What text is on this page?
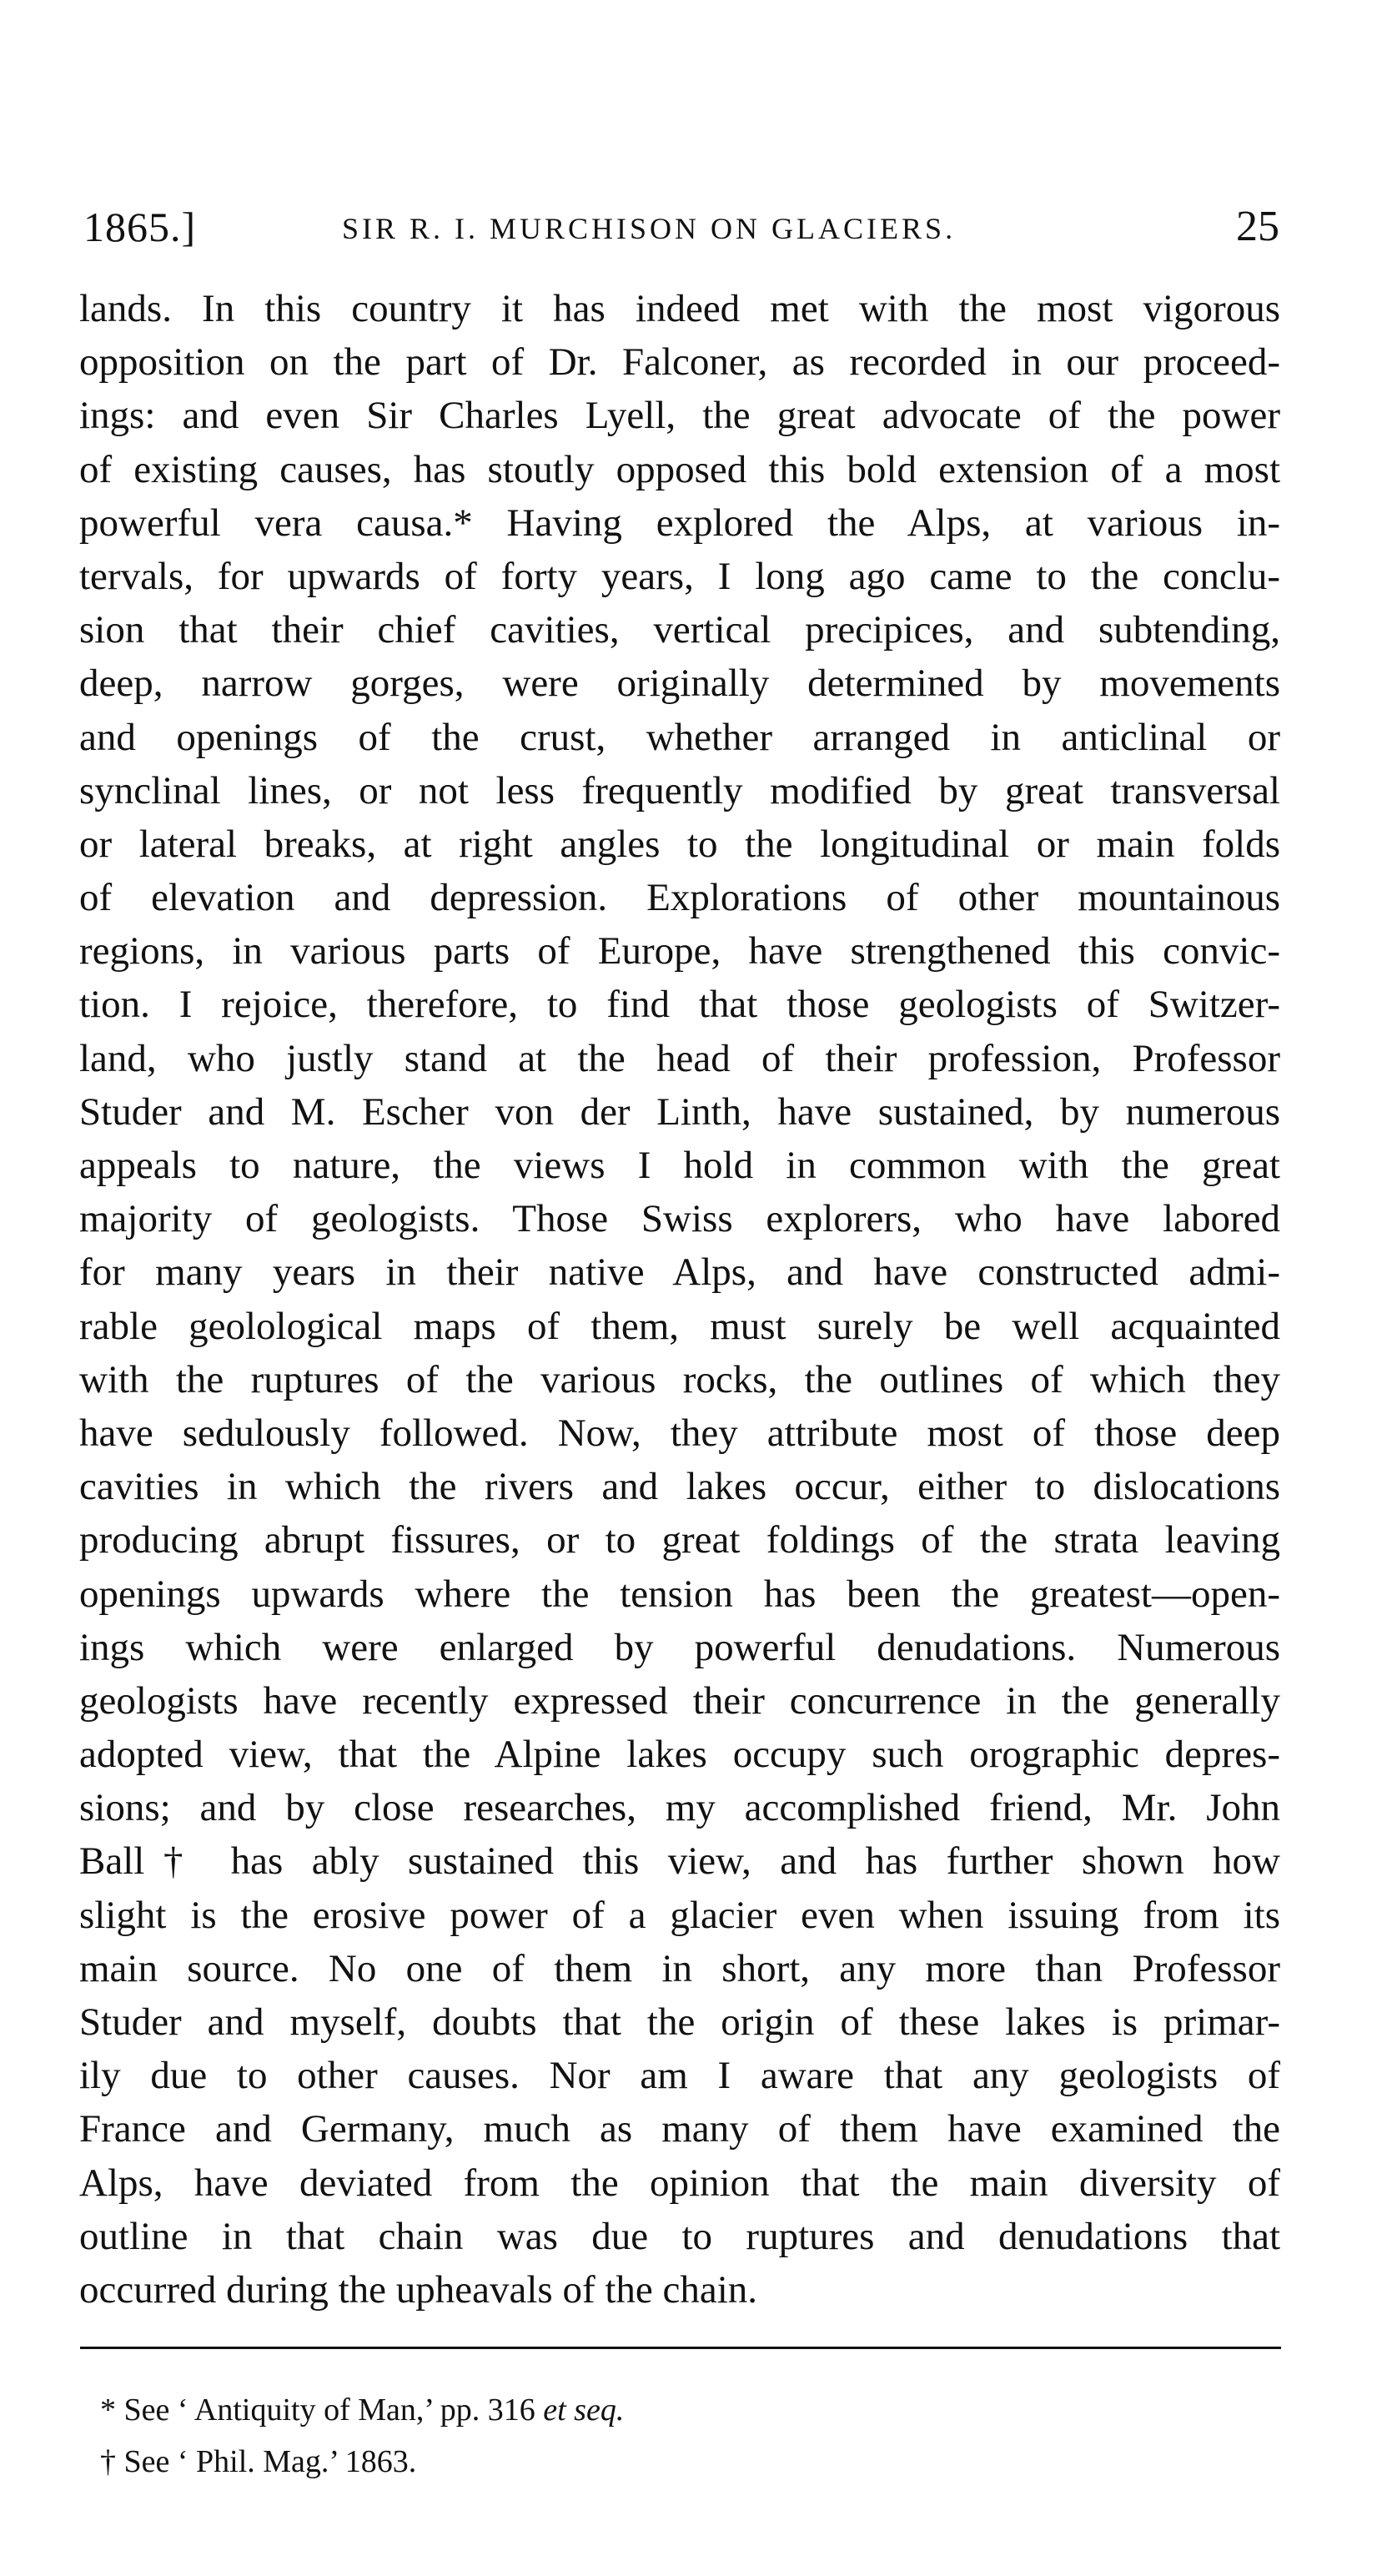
1865.]	SIR R. I. MURCHISON ON GLACIERS.	25
lands. In this country it has indeed met with the most vigorous
opposition on the part of Dr. Falconer, as recorded in our proceed-
ings: and even Sir Charles Lyell, the great advocate of the power
of existing causes, has stoutly opposed this bold extension of a most
powerful vera causa.* Having explored the Alps, at various in-
tervals, for upwards of forty years, I long ago came to the conclu-
sion that their chief cavities, vertical precipices, and subtending,
deep, narrow gorges, were originally determined by movements
and openings of the crust, whether arranged in anticlinal or
synclinal lines, or not less frequently modified by great transversal
or lateral breaks, at right angles to the longitudinal or main folds
of elevation and depression. Explorations of other mountainous
regions, in various parts of Europe, have strengthened this convic-
tion. I rejoice, therefore, to find that those geologists of Switzer-
land, who justly stand at the head of their profession, Professor
Studer and M. Escher von der Linth, have sustained, by numerous
appeals to nature, the views I hold in common with the great
majority of geologists. Those Swiss explorers, who have labored
for many years in their native Alps, and have constructed admi-
rable geolological maps of them, must surely be well acquainted
with the ruptures of the various rocks, the outlines of which they
have sedulously followed. Now, they attribute most of those deep
cavities in which the rivers and lakes occur, either to dislocations
producing abrupt fissures, or to great foldings of the strata leaving
openings upwards where the tension has been the greatest—open-
ings which were enlarged by powerful denudations. Numerous
geologists have recently expressed their concurrence in the generally
adopted view, that the Alpine lakes occupy such orographic depres-
sions; and by close researches, my accomplished friend, Mr. John
Ball† has ably sustained this view, and has further shown how
slight is the erosive power of a glacier even when issuing from its
main source. No one of them in short, any more than Professor
Studer and myself, doubts that the origin of these lakes is primar-
ily due to other causes. Nor am I aware that any geologists of
France and Germany, much as many of them have examined the
Alps, have deviated from the opinion that the main diversity of
outline in that chain was due to ruptures and denudations that
occurred during the upheavals of the chain.
* See ‘ Antiquity of Man,’ pp. 316 et seq.
† See ‘ Phil. Mag.’ 1863.
